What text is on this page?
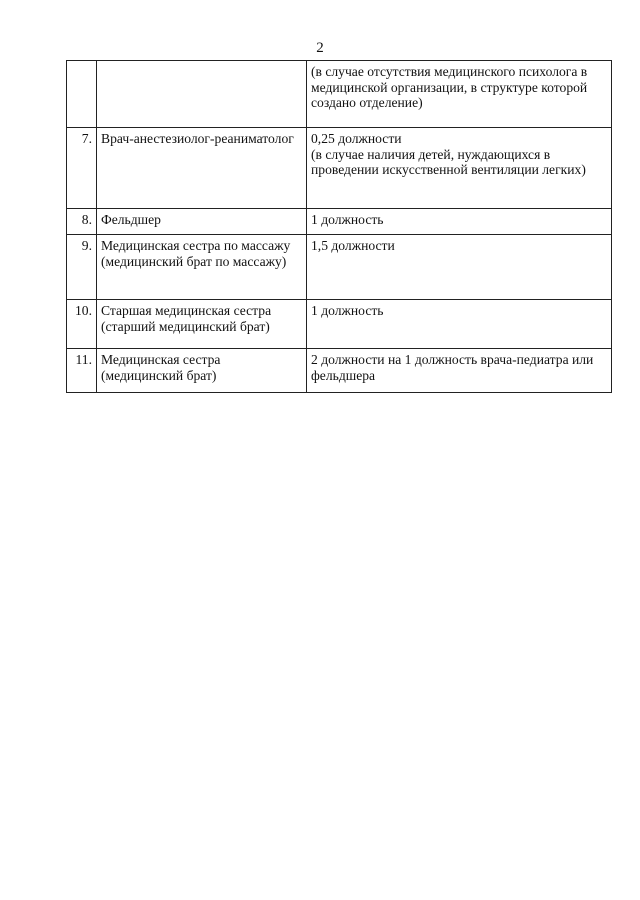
2
		(в случае отсутствия медицинского психолога в медицинской организации, в структуре которой создано отделение)
7.	Врач-анестезиолог-реаниматолог	0,25 должности
(в случае наличия детей, нуждающихся в проведении искусственной вентиляции легких)
8.	Фельдшер	1 должность
9.	Медицинская сестра по массажу (медицинский брат по массажу)	1,5 должности
10.	Старшая медицинская сестра (старший медицинский брат)	1 должность
11.	Медицинская сестра (медицинский брат)	2 должности на 1 должность врача-педиатра или фельдшера
